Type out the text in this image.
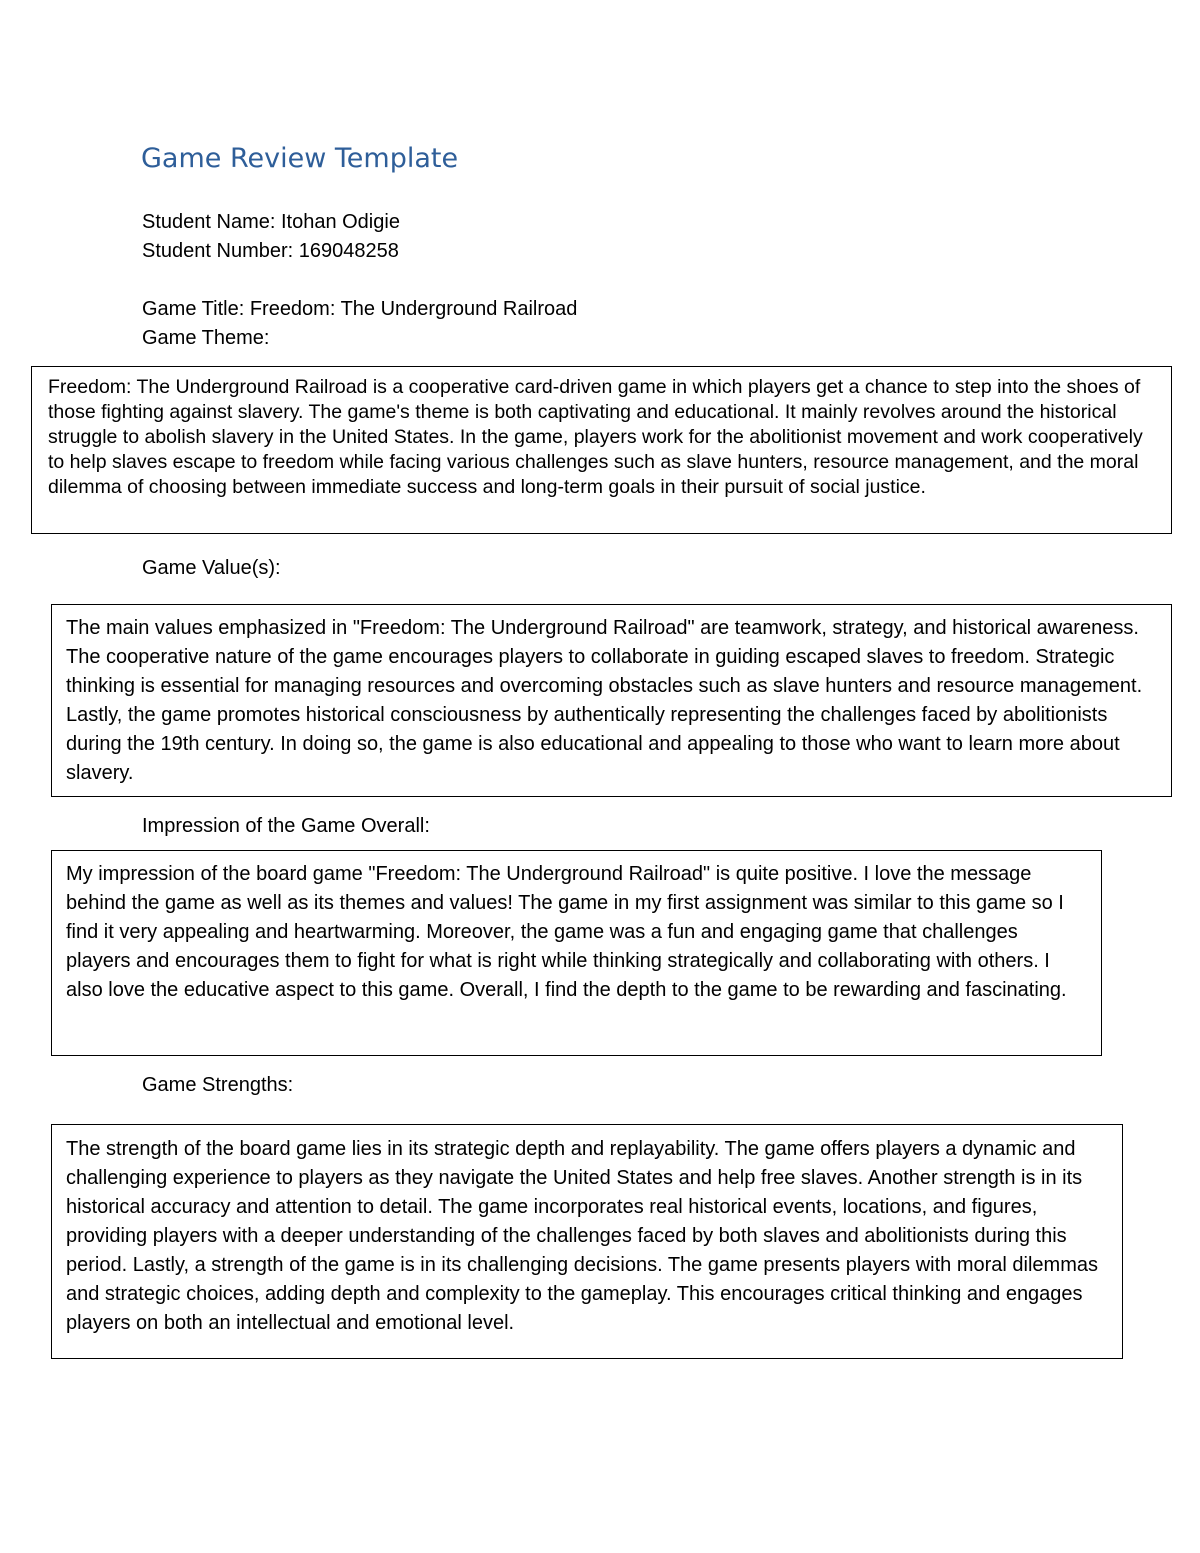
Game Review Template
Student Name: Itohan Odigie
Student Number: 169048258
Game Title: Freedom: The Underground Railroad
Game Theme:

Freedom: The Underground Railroad is a cooperative card-driven game in which players get a chance to step into the shoes of those fighting against slavery. The game's theme is both captivating and educational. It mainly revolves around the historical struggle to abolish slavery in the United States. In the game, players work for the abolitionist movement and work cooperatively to help slaves escape to freedom while facing various challenges such as slave hunters, resource management, and the moral dilemma of choosing between immediate success and long-term goals in their pursuit of social justice.

Game Value(s):

The main values emphasized in "Freedom: The Underground Railroad" are teamwork, strategy, and historical awareness. The cooperative nature of the game encourages players to collaborate in guiding escaped slaves to freedom. Strategic thinking is essential for managing resources and overcoming obstacles such as slave hunters and resource management. Lastly, the game promotes historical consciousness by authentically representing the challenges faced by abolitionists during the 19th century. In doing so, the game is also educational and appealing to those who want to learn more about slavery.

Impression of the Game Overall:

My impression of the board game "Freedom: The Underground Railroad" is quite positive. I love the message behind the game as well as its themes and values! The game in my first assignment was similar to this game so I find it very appealing and heartwarming. Moreover, the game was a fun and engaging game that challenges players and encourages them to fight for what is right while thinking strategically and collaborating with others. I also love the educative aspect to this game. Overall, I find the depth to the game to be rewarding and fascinating.

Game Strengths:

The strength of the board game lies in its strategic depth and replayability. The game offers players a dynamic and challenging experience to players as they navigate the United States and help free slaves. Another strength is in its historical accuracy and attention to detail. The game incorporates real historical events, locations, and figures, providing players with a deeper understanding of the challenges faced by both slaves and abolitionists during this period. Lastly, a strength of the game is in its challenging decisions. The game presents players with moral dilemmas and strategic choices, adding depth and complexity to the gameplay. This encourages critical thinking and engages players on both an intellectual and emotional level.
